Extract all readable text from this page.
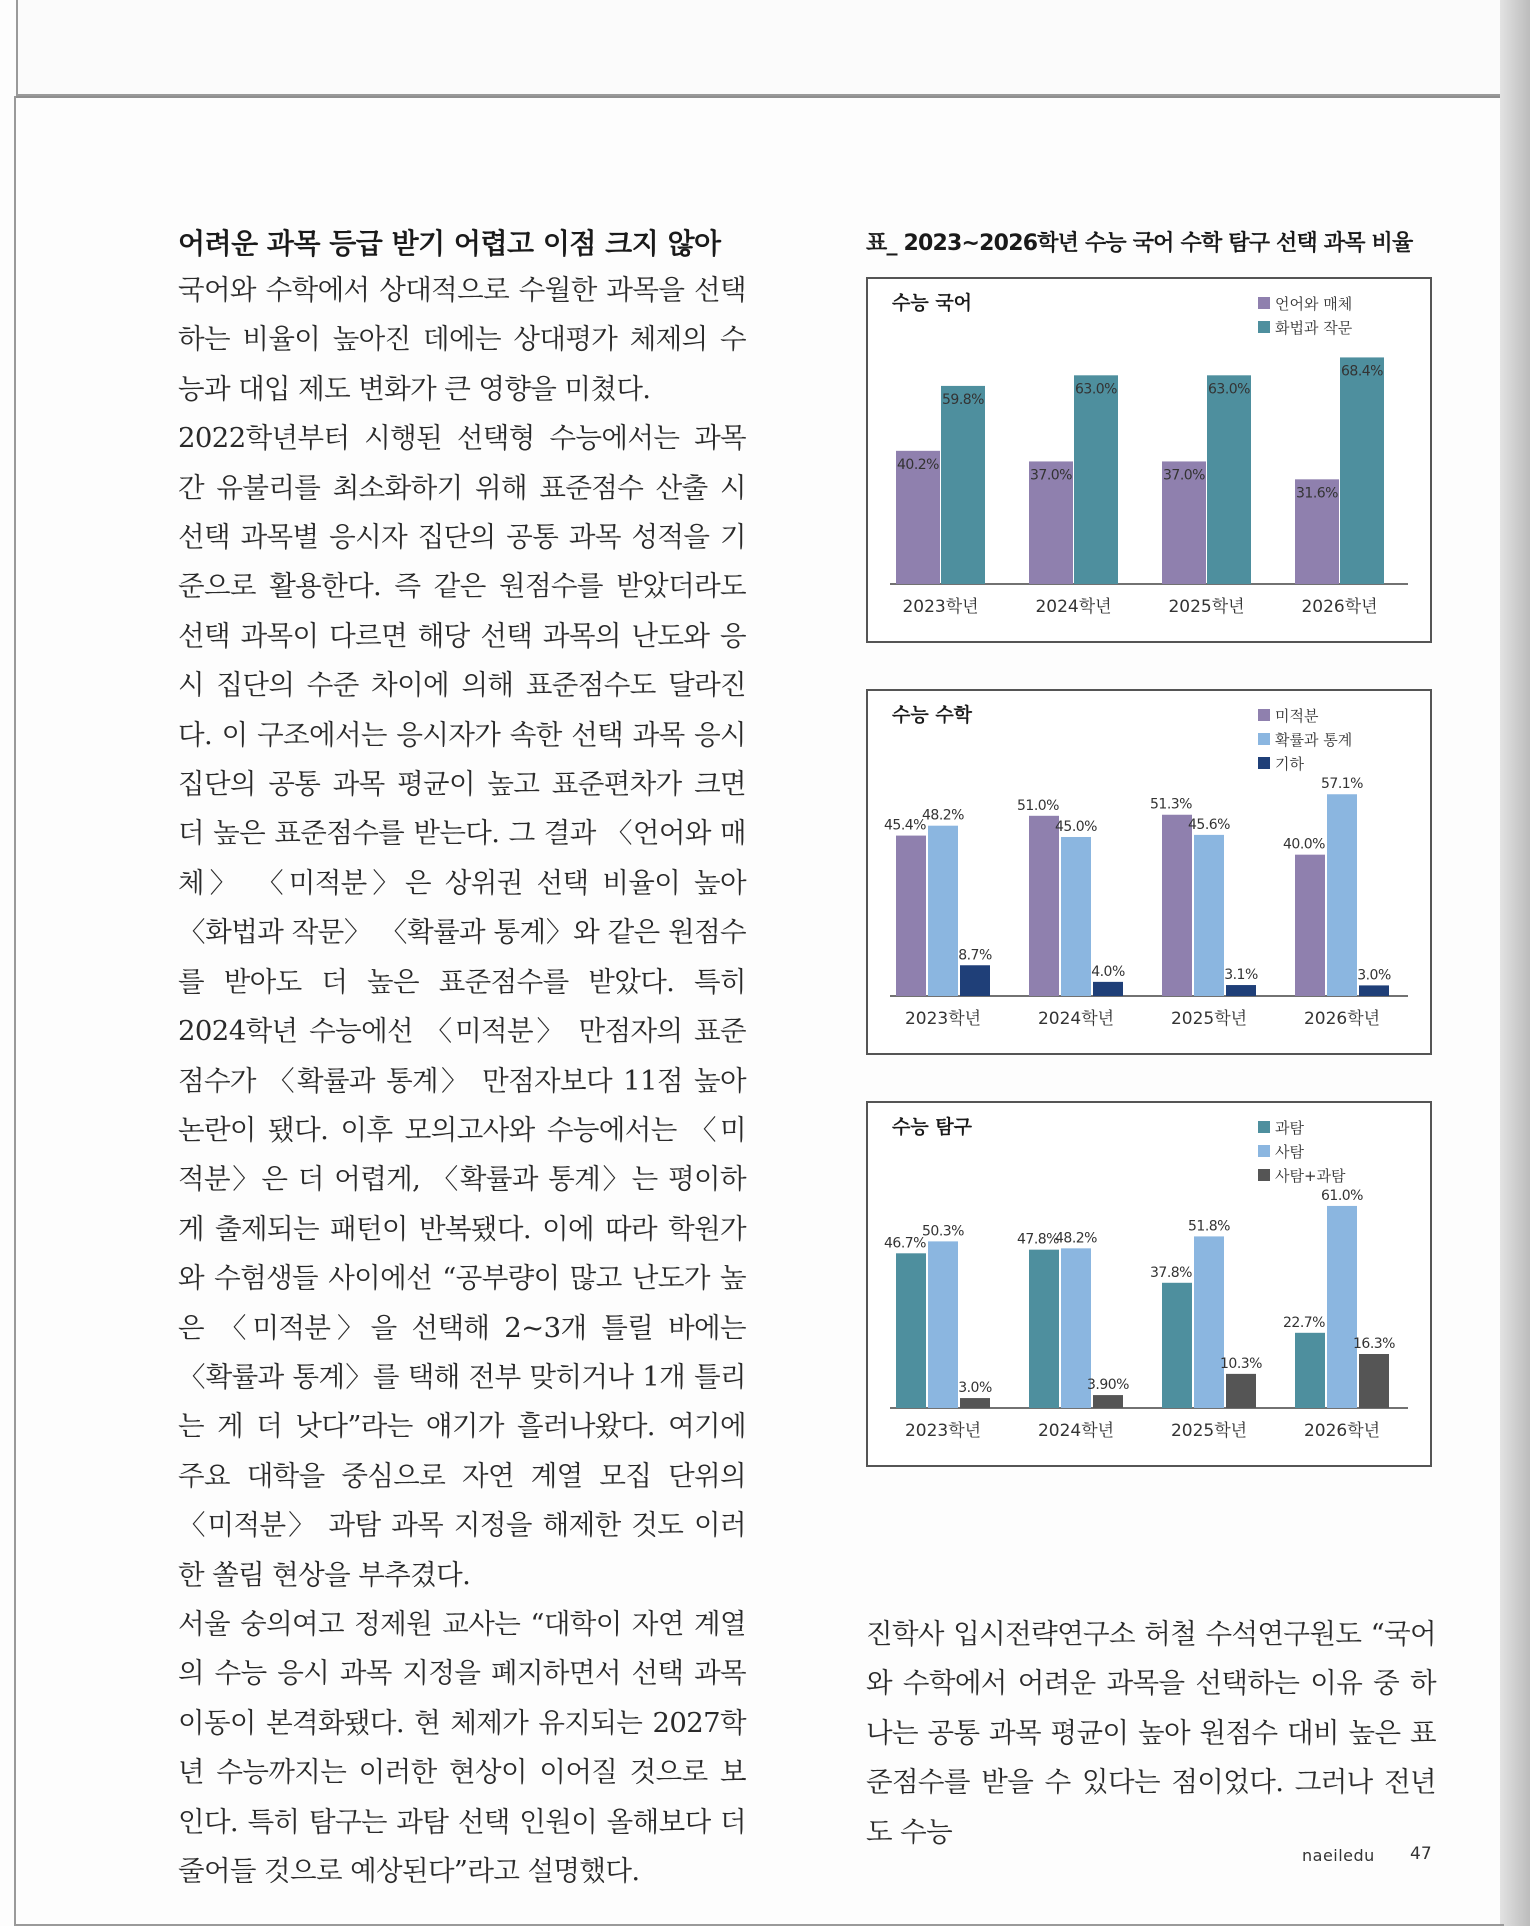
어려운 과목 등급 받기 어렵고 이점 크지 않아

국어와 수학에서 상대적으로 수월한 과목을 선택하는 비율이 높아진 데에는 상대평가 체제의 수능과 대입 제도 변화가 큰 영향을 미쳤다.

2022학년부터 시행된 선택형 수능에서는 과목 간 유불리를 최소화하기 위해 표준점수 산출 시 선택 과목별 응시자 집단의 공통 과목 성적을 기준으로 활용한다. 즉 같은 원점수를 받았더라도 선택 과목이 다르면 해당 선택 과목의 난도와 응시 집단의 수준 차이에 의해 표준점수도 달라진다. 이 구조에서는 응시자가 속한 선택 과목 응시 집단의 공통 과목 평균이 높고 표준편차가 크면 더 높은 표준점수를 받는다. 그 결과 〈언어와 매체〉 〈미적분〉은 상위권 선택 비율이 높아 〈화법과 작문〉 〈확률과 통계〉와 같은 원점수를 받아도 더 높은 표준점수를 받았다. 특히 2024학년 수능에선 〈미적분〉 만점자의 표준점수가 〈확률과 통계〉 만점자보다 11점 높아 논란이 됐다. 이후 모의고사와 수능에서는 〈미적분〉은 더 어렵게, 〈확률과 통계〉는 평이하게 출제되는 패턴이 반복됐다. 이에 따라 학원가와 수험생들 사이에선 “공부량이 많고 난도가 높은 〈미적분〉을 선택해 2~3개 틀릴 바에는 〈확률과 통계〉를 택해 전부 맞히거나 1개 틀리는 게 더 낫다”라는 얘기가 흘러나왔다. 여기에 주요 대학을 중심으로 자연 계열 모집 단위의 〈미적분〉 과탐 과목 지정을 해제한 것도 이러한 쏠림 현상을 부추겼다.

서울 숭의여고 정제원 교사는 “대학이 자연 계열의 수능 응시 과목 지정을 폐지하면서 선택 과목 이동이 본격화됐다. 현 체제가 유지되는 2027학년 수능까지는 이러한 현상이 이어질 것으로 보인다. 특히 탐구는 과탐 선택 인원이 올해보다 더 줄어들 것으로 예상된다”라고 설명했다.

표_ 2023~2026학년 수능 국어 수학 탐구 선택 과목 비율
수능 국어	언어와 매체
화법과 작문
40.2%
59.8%
2023학년
37.0%
63.0%
2024학년
37.0%
63.0%
2025학년
31.6%
68.4%
2026학년
수능 수학	미적분
확률과 통계
기하
45.4%
48.2%
8.7%
2023학년
51.0%
45.0%
4.0%
2024학년
51.3%
45.6%
3.1%
2025학년
40.0%
57.1%
3.0%
2026학년
수능 탐구	과탐
사탐
사탐+과탐
46.7%
50.3%
3.0%
2023학년
47.8%
48.2%
3.90%
2024학년
37.8%
51.8%
10.3%
2025학년
22.7%
61.0%
16.3%
2026학년
진학사 입시전략연구소 허철 수석연구원도 “국어와 수학에서 어려운 과목을 선택하는 이유 중 하나는 공통 과목 평균이 높아 원점수 대비 높은 표준점수를 받을 수 있다는 점이었다. 그러나 전년도 수능
naeiledu 47
